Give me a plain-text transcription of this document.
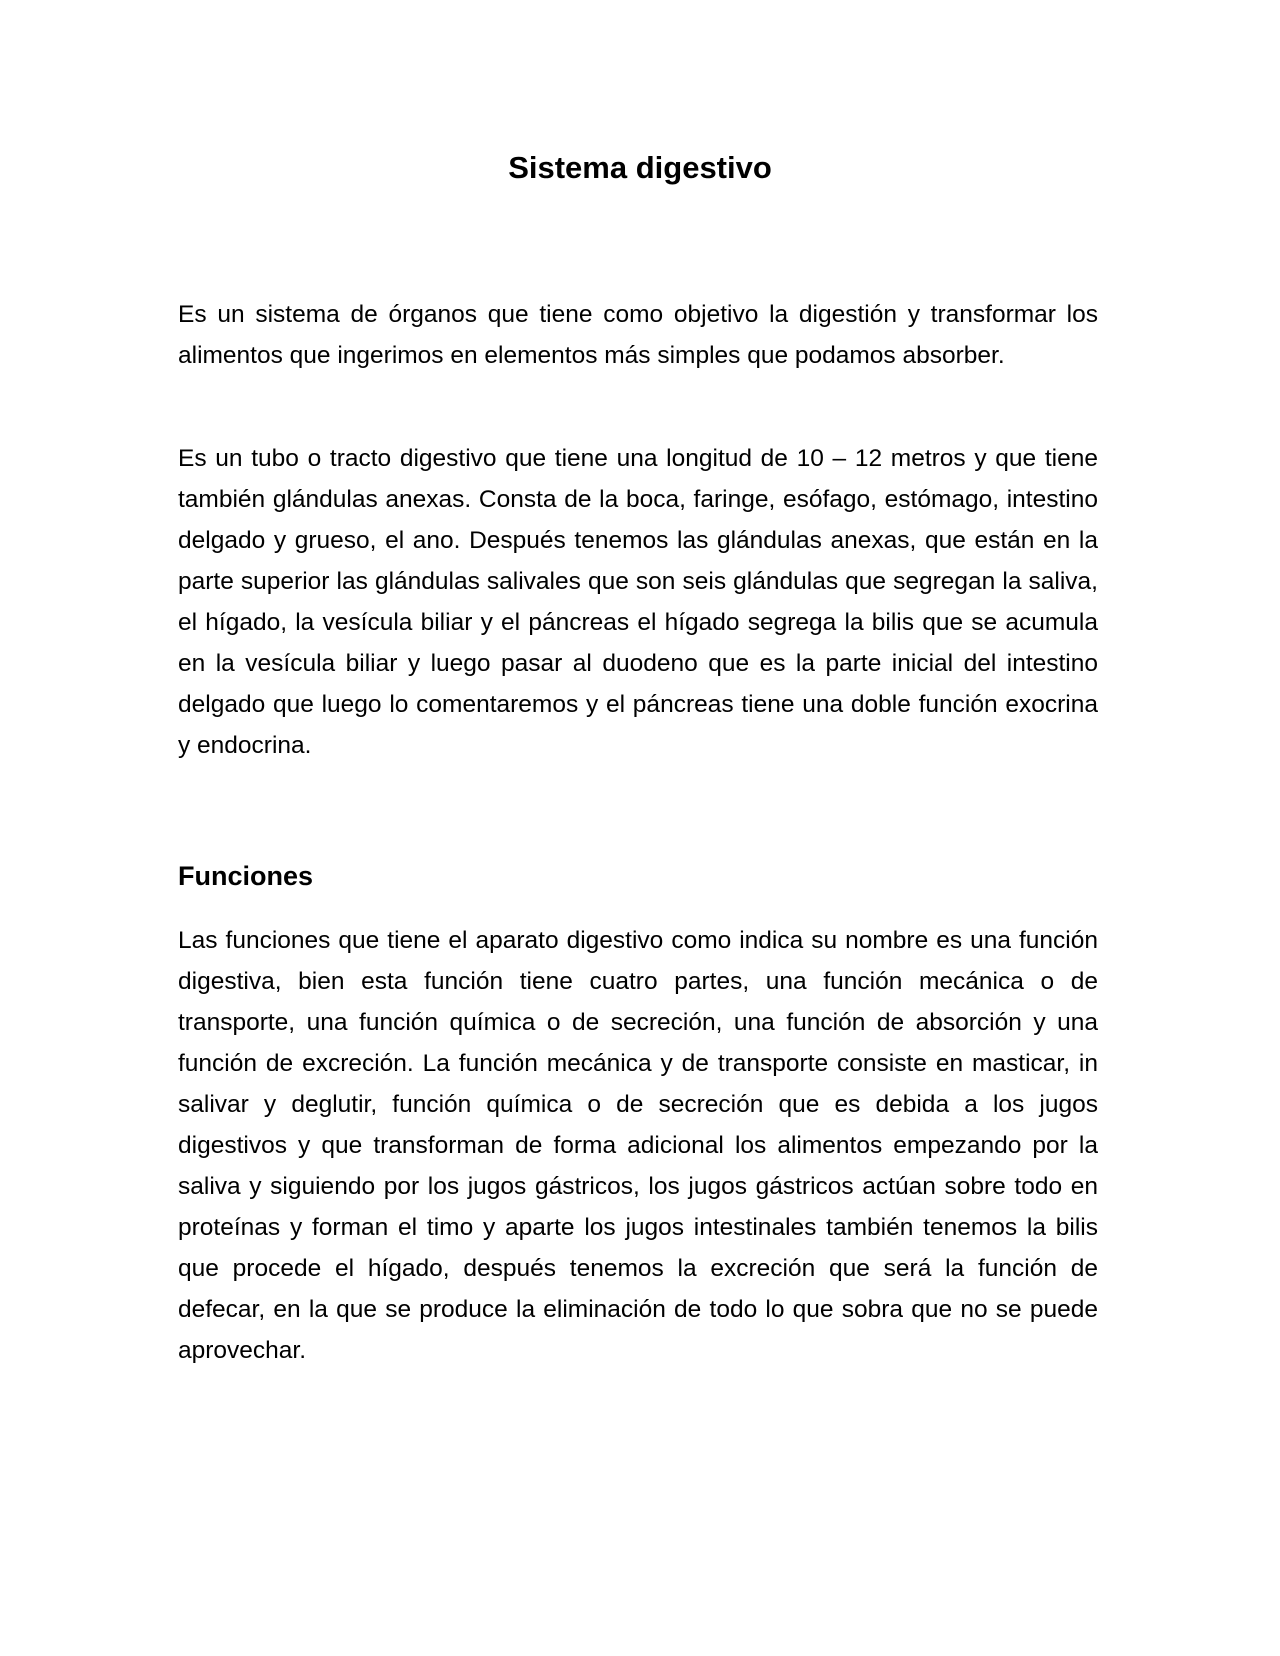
Sistema digestivo

Es un sistema de órganos que tiene como objetivo la digestión y transformar los alimentos que ingerimos en elementos más simples que podamos absorber.

Es un tubo o tracto digestivo que tiene una longitud de 10 – 12 metros y que tiene también glándulas anexas. Consta de la boca, faringe, esófago, estómago, intestino delgado y grueso, el ano. Después tenemos las glándulas anexas, que están en la parte superior las glándulas salivales que son seis glándulas que segregan la saliva, el hígado, la vesícula biliar y el páncreas el hígado segrega la bilis que se acumula en la vesícula biliar y luego pasar al duodeno que es la parte inicial del intestino delgado que luego lo comentaremos y el páncreas tiene una doble función exocrina y endocrina.

Funciones

Las funciones que tiene el aparato digestivo como indica su nombre es una función digestiva, bien esta función tiene cuatro partes, una función mecánica o de transporte, una función química o de secreción, una función de absorción y una función de excreción. La función mecánica y de transporte consiste en masticar, in salivar y deglutir, función química o de secreción que es debida a los jugos digestivos y que transforman de forma adicional los alimentos empezando por la saliva y siguiendo por los jugos gástricos, los jugos gástricos actúan sobre todo en proteínas y forman el timo y aparte los jugos intestinales también tenemos la bilis que procede el hígado, después tenemos la excreción que será la función de defecar, en la que se produce la eliminación de todo lo que sobra que no se puede aprovechar.
